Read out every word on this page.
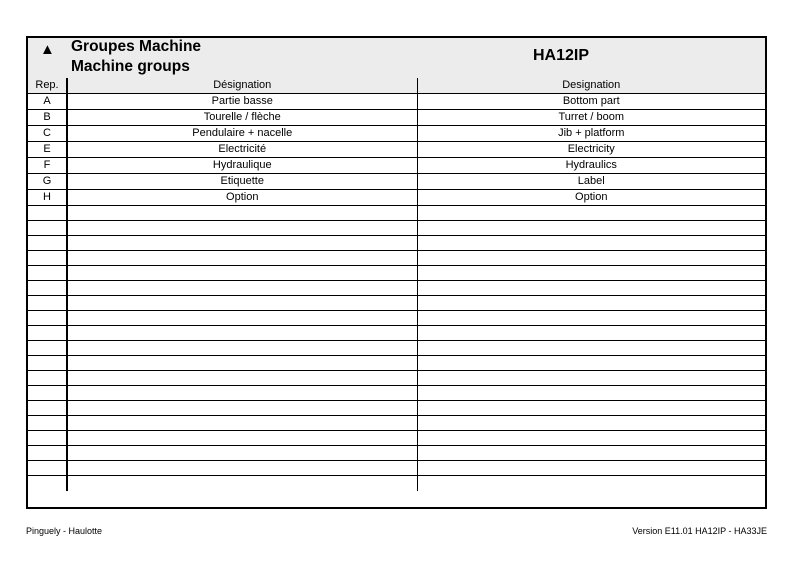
▲ Groupes Machine
Machine groups
HA12IP
Rep.	Désignation	Designation
A	Partie basse	Bottom part
B	Tourelle / flèche	Turret / boom
C	Pendulaire + nacelle	Jib + platform
E	Electricité	Electricity
F	Hydraulique	Hydraulics
G	Etiquette	Label
H	Option	Option

Pinguely - Haulotte	Version E11.01 HA12IP - HA33JE
